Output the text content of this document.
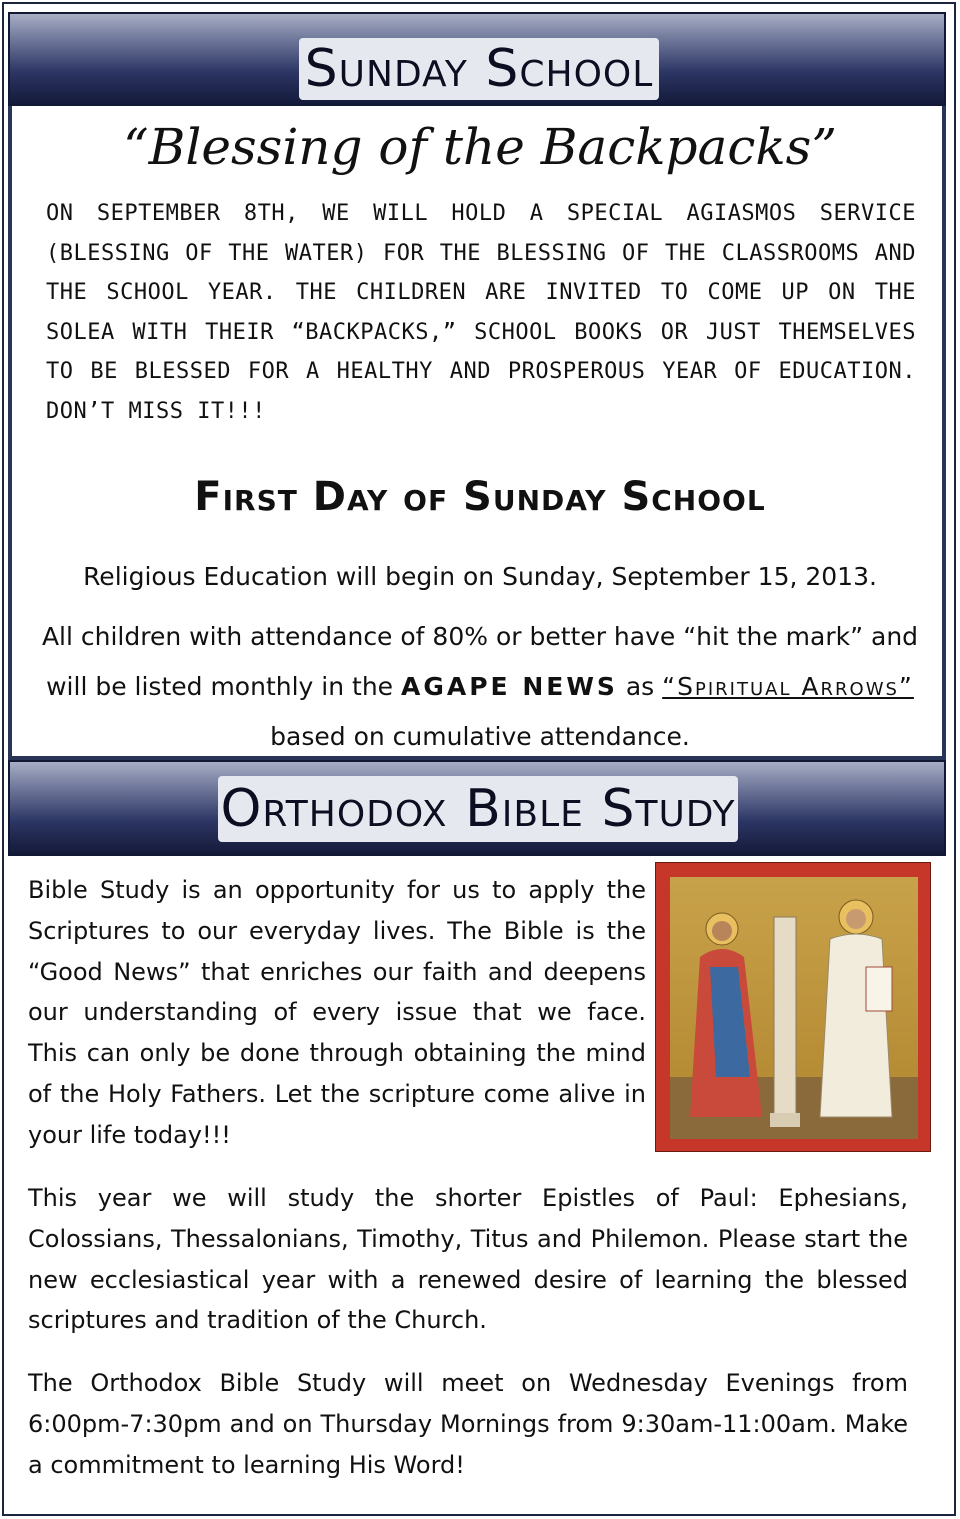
Sunday School
“Blessing of the Backpacks”
ON SEPTEMBER 8TH, WE WILL HOLD A SPECIAL AGIASMOS SERVICE (BLESSING OF THE WATER) FOR THE BLESSING OF THE CLASSROOMS AND THE SCHOOL YEAR. THE CHILDREN ARE INVITED TO COME UP ON THE SOLEA WITH THEIR “BACKPACKS,” SCHOOL BOOKS OR JUST THEMSELVES TO BE BLESSED FOR A HEALTHY AND PROSPEROUS YEAR OF EDUCATION. DON’T MISS IT!!!
First Day of Sunday School
Religious Education will begin on Sunday, September 15, 2013.
All children with attendance of 80% or better have “hit the mark” and will be listed monthly in the AGAPE NEWS as “Spiritual Arrows” based on cumulative attendance.
Orthodox Bible Study
Bible Study is an opportunity for us to apply the Scriptures to our everyday lives. The Bible is the “Good News” that enriches our faith and deepens our understanding of every issue that we face. This can only be done through obtaining the mind of the Holy Fathers. Let the scripture come alive in your life today!!!
This year we will study the shorter Epistles of Paul: Ephesians, Colossians, Thessalonians, Timothy, Titus and Philemon. Please start the new ecclesiastical year with a renewed desire of learning the blessed scriptures and tradition of the Church.
The Orthodox Bible Study will meet on Wednesday Evenings from 6:00pm-7:30pm and on Thursday Mornings from 9:30am-11:00am. Make a commitment to learning His Word!
